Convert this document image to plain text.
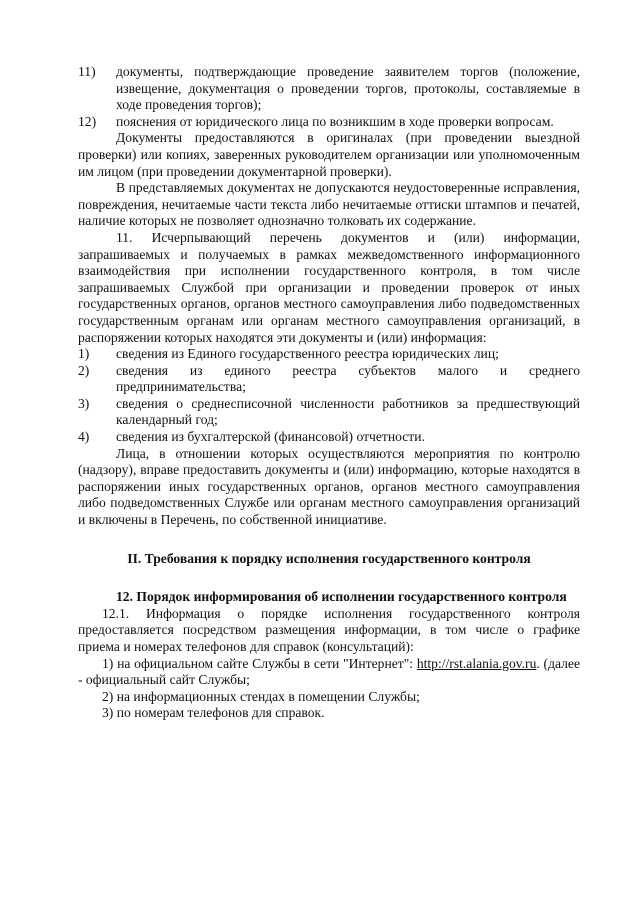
11)	документы, подтверждающие проведение заявителем торгов (положение, извещение, документация о проведении торгов, протоколы, составляемые в ходе проведения торгов);
12)	пояснения от юридического лица по возникшим в ходе проверки вопросам.

Документы предоставляются в оригиналах (при проведении выездной проверки) или копиях, заверенных руководителем организации или уполномоченным им лицом (при проведении документарной проверки).

В представляемых документах не допускаются неудостоверенные исправления, повреждения, нечитаемые части текста либо нечитаемые оттиски штампов и печатей, наличие которых не позволяет однозначно толковать их содержание.

11. Исчерпывающий перечень документов и (или) информации, запрашиваемых и получаемых в рамках межведомственного информационного взаимодействия при исполнении государственного контроля, в том числе запрашиваемых Службой при организации и проведении проверок от иных государственных органов, органов местного самоуправления либо подведомственных государственным органам или органам местного самоуправления организаций, в распоряжении которых находятся эти документы и (или) информация:

1)	сведения из Единого государственного реестра юридических лиц;
2)	сведения из единого реестра субъектов малого и среднего предпринимательства;
3)	сведения о среднесписочной численности работников за предшествующий календарный год;
4)	сведения из бухгалтерской (финансовой) отчетности.

Лица, в отношении которых осуществляются мероприятия по контролю (надзору), вправе предоставить документы и (или) информацию, которые находятся в распоряжении иных государственных органов, органов местного самоуправления либо подведомственных Службе или органам местного самоуправления организаций и включены в Перечень, по собственной инициативе.

II. Требования к порядку исполнения государственного контроля
12. Порядок информирования об исполнении государственного контроля

12.1. Информация о порядке исполнения государственного контроля предоставляется посредством размещения информации, в том числе о графике приема и номерах телефонов для справок (консультаций):

1) на официальном сайте Службы в сети "Интернет": http://rst.alania.gov.ru. (далее - официальный сайт Службы;

2) на информационных стендах в помещении Службы;

3) по номерам телефонов для справок.
